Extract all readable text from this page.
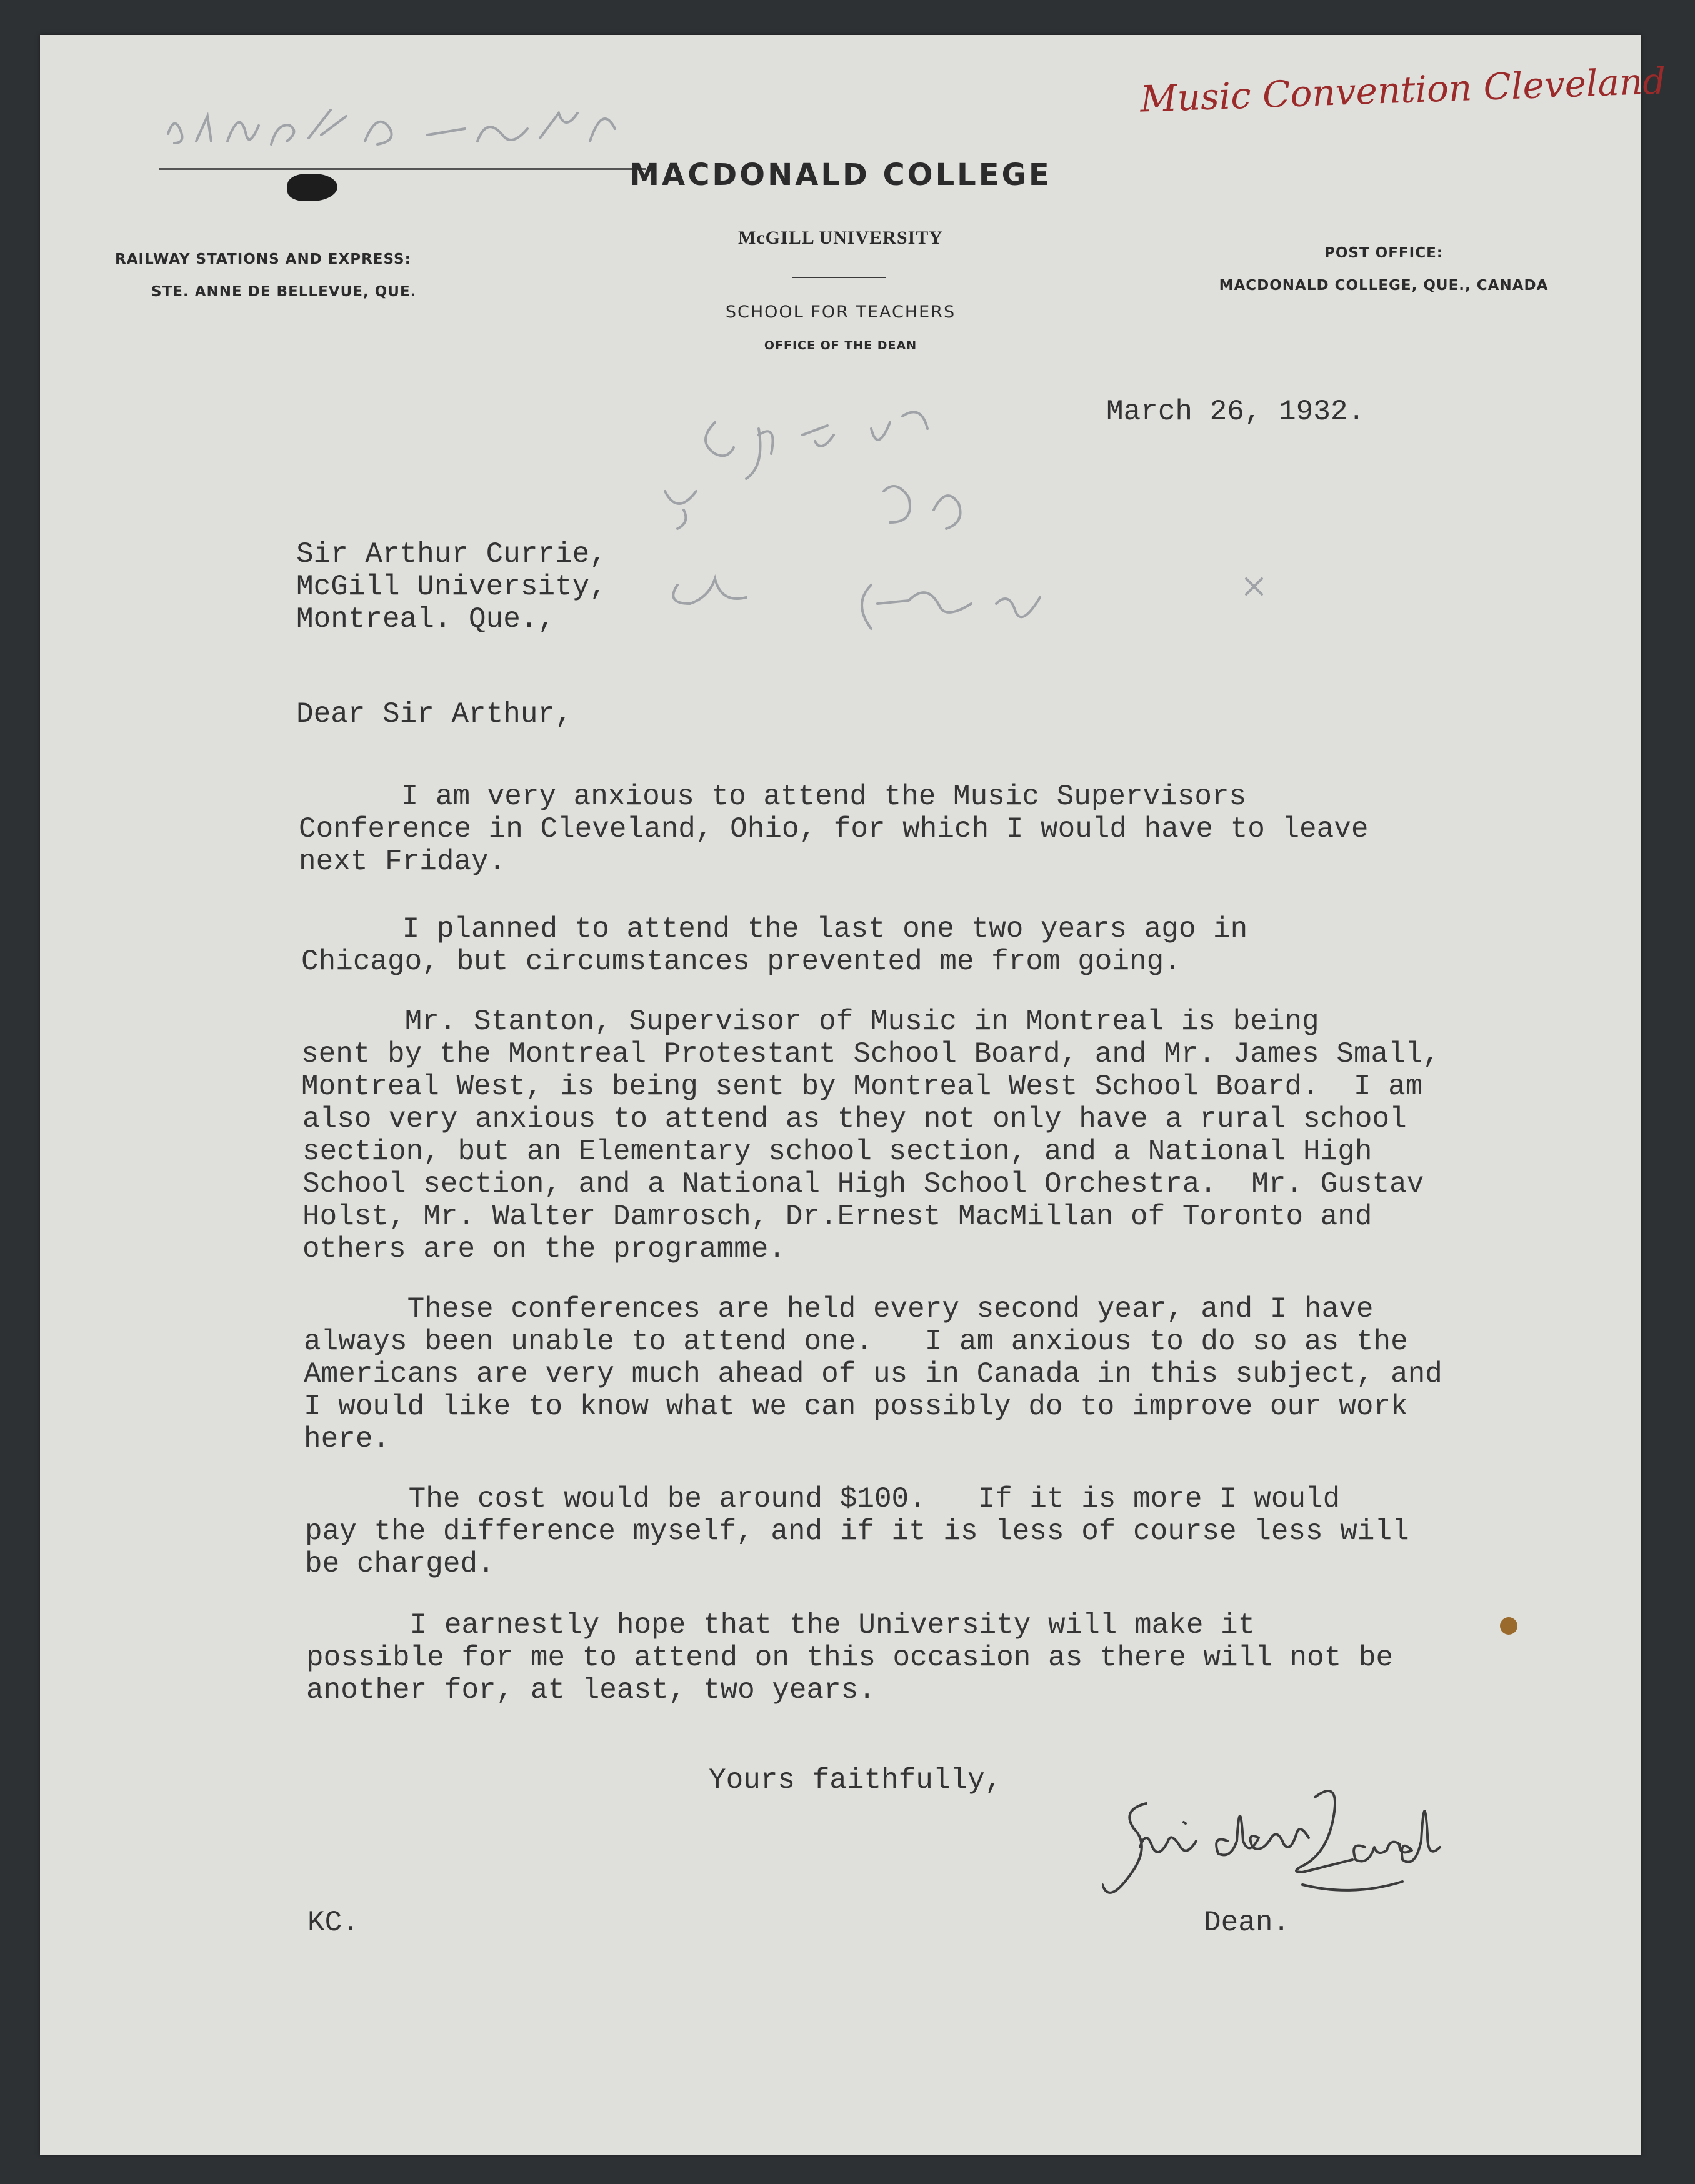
Music Convention Cleveland
MACDONALD COLLEGE
McGILL UNIVERSITY
SCHOOL FOR TEACHERS
OFFICE OF THE DEAN
RAILWAY STATIONS AND EXPRESS:
STE. ANNE DE BELLEVUE, QUE.
POST OFFICE:
MACDONALD COLLEGE, QUE., CANADA
March 26, 1932.
Sir Arthur Currie,
McGill University,
Montreal. Que.,
Dear Sir Arthur,
I am very anxious to attend the Music Supervisors
Conference in Cleveland, Ohio, for which I would have to leave
next Friday.
I planned to attend the last one two years ago in
Chicago, but circumstances prevented me from going.
Mr. Stanton, Supervisor of Music in Montreal is being
sent by the Montreal Protestant School Board, and Mr. James Small,
Montreal West, is being sent by Montreal West School Board.  I am
also very anxious to attend as they not only have a rural school
section, but an Elementary school section, and a National High
School section, and a National High School Orchestra.  Mr. Gustav
Holst, Mr. Walter Damrosch, Dr.Ernest MacMillan of Toronto and
others are on the programme.
These conferences are held every second year, and I have
always been unable to attend one.   I am anxious to do so as the
Americans are very much ahead of us in Canada in this subject, and
I would like to know what we can possibly do to improve our work
here.
The cost would be around $100.   If it is more I would
pay the difference myself, and if it is less of course less will
be charged.
I earnestly hope that the University will make it
possible for me to attend on this occasion as there will not be
another for, at least, two years.
Yours faithfully,
Dean.
KC.
